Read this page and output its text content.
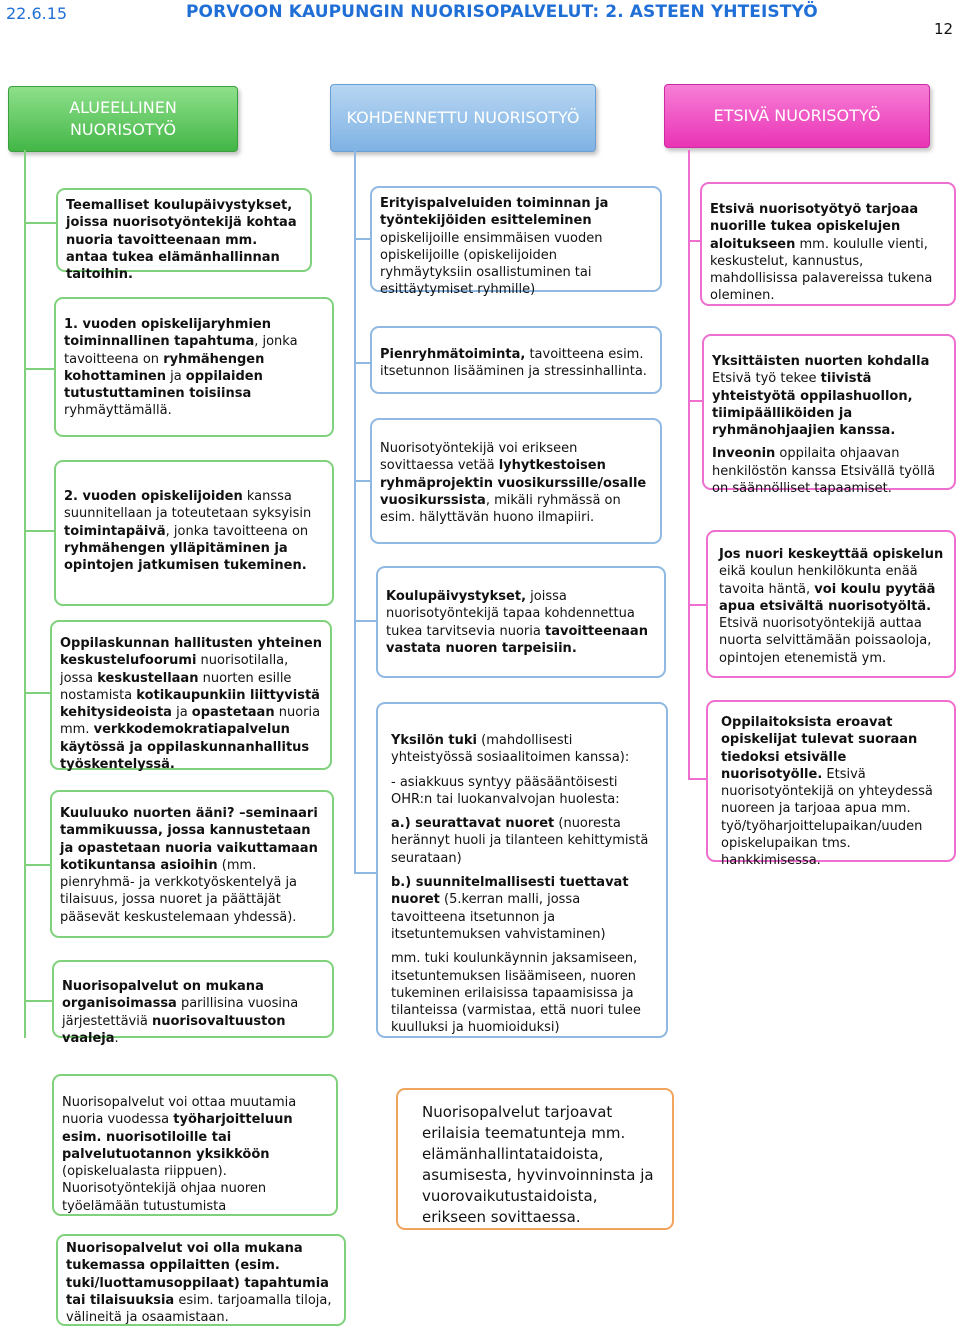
22.6.15	PORVOON KAUPUNGIN NUORISOPALVELUT: 2. ASTEEN YHTEISTYÖ
12
ALUEELLINEN
NUORISOTYÖ
KOHDENNETTU NUORISOTYÖ	ETSIVÄ NUORISOTYÖ

Teemalliset koulupäivystykset, joissa nuorisotyöntekijä kohtaa nuoria tavoitteenaan mm. antaa tukea elämänhallinnan taitoihin.

1. vuoden opiskelijaryhmien toiminnallinen tapahtuma, jonka tavoitteena on ryhmähengen kohottaminen ja oppilaiden tutustuttaminen toisiinsa ryhmäyttämällä.

2. vuoden opiskelijoiden kanssa suunnitellaan ja toteutetaan syksyisin toimintapäivä, jonka tavoitteena on ryhmähengen ylläpitäminen ja opintojen jatkumisen tukeminen.

Oppilaskunnan hallitusten yhteinen keskustelufoorumi nuorisotilalla, jossa keskustellaan nuorten esille nostamista kotikaupunkiin liittyvistä kehitysideoista ja opastetaan nuoria mm. verkkodemokratiapalvelun käytössä ja oppilaskunnanhallitus työskentelyssä.

Kuuluuko nuorten ääni? –seminaari tammikuussa, jossa kannustetaan ja opastetaan nuoria vaikuttamaan kotikuntansa asioihin (mm. pienryhmä- ja verkkotyöskentelyä ja tilaisuus, jossa nuoret ja päättäjät pääsevät keskustelemaan yhdessä).

Nuorisopalvelut on mukana organisoimassa parillisina vuosina järjestettäviä nuorisovaltuuston vaaleja.

Erityispalveluiden toiminnan ja työntekijöiden esitteleminen opiskelijoille ensimmäisen vuoden opiskelijoille (opiskelijoiden ryhmäytyksiin osallistuminen tai esittäytymiset ryhmille)

Pienryhmätoiminta, tavoitteena esim. itsetunnon lisääminen ja stressinhallinta.

Nuorisotyöntekijä voi erikseen sovittaessa vetää lyhytkestoisen ryhmäprojektin vuosikurssille/osalle vuosikurssista, mikäli ryhmässä on esim. hälyttävän huono ilmapiiri.

Koulupäivystykset, joissa nuorisotyöntekijä tapaa kohdennettua tukea tarvitsevia nuoria tavoitteenaan vastata nuoren tarpeisiin.

Yksilön tuki (mahdollisesti yhteistyössä sosiaalitoimen kanssa):

- asiakkuus syntyy pääsääntöisesti OHR:n tai luokanvalvojan huolesta:

a.) seurattavat nuoret (nuoresta herännyt huoli ja tilanteen kehittymistä seurataan)

b.) suunnitelmallisesti tuettavat nuoret (5.kerran malli, jossa tavoitteena itsetunnon ja itsetuntemuksen vahvistaminen)

mm. tuki koulunkäynnin jaksamiseen, itsetuntemuksen lisäämiseen, nuoren tukeminen erilaisissa tapaamisissa ja tilanteissa (varmistaa, että nuori tulee kuulluksi ja huomioiduksi)

Etsivä nuorisotyötyö tarjoaa nuorille tukea opiskelujen aloitukseen mm. koululle vienti, keskustelut, kannustus, mahdollisissa palavereissa tukena oleminen.

Yksittäisten nuorten kohdalla Etsivä työ tekee tiivistä yhteistyötä oppilashuollon, tiimipäälliköiden ja ryhmänohjaajien kanssa.

Inveonin oppilaita ohjaavan henkilöstön kanssa Etsivällä työllä on säännölliset tapaamiset.

Jos nuori keskeyttää opiskelun eikä koulun henkilökunta enää tavoita häntä, voi koulu pyytää apua etsivältä nuorisotyöltä. Etsivä nuorisotyöntekijä auttaa nuorta selvittämään poissaoloja, opintojen etenemistä ym.

Oppilaitoksista eroavat opiskelijat tulevat suoraan tiedoksi etsivälle nuorisotyölle. Etsivä nuorisotyöntekijä on yhteydessä nuoreen ja tarjoaa apua mm. työ/työharjoittelupaikan/uuden opiskelupaikan tms. hankkimisessa.

Nuorisopalvelut voi ottaa muutamia nuoria vuodessa työharjoitteluun esim. nuorisotiloille tai palvelutuotannon yksikköön (opiskelualasta riippuen). Nuorisotyöntekijä ohjaa nuoren työelämään tutustumista

Nuorisopalvelut voi olla mukana tukemassa oppilaitten (esim. tuki/luottamusoppilaat) tapahtumia tai tilaisuuksia esim. tarjoamalla tiloja, välineitä ja osaamistaan.

Nuorisopalvelut tarjoavat erilaisia teematunteja mm. elämänhallintataidoista, asumisesta, hyvinvoinninsta ja vuorovaikutustaidoista, erikseen sovittaessa.
